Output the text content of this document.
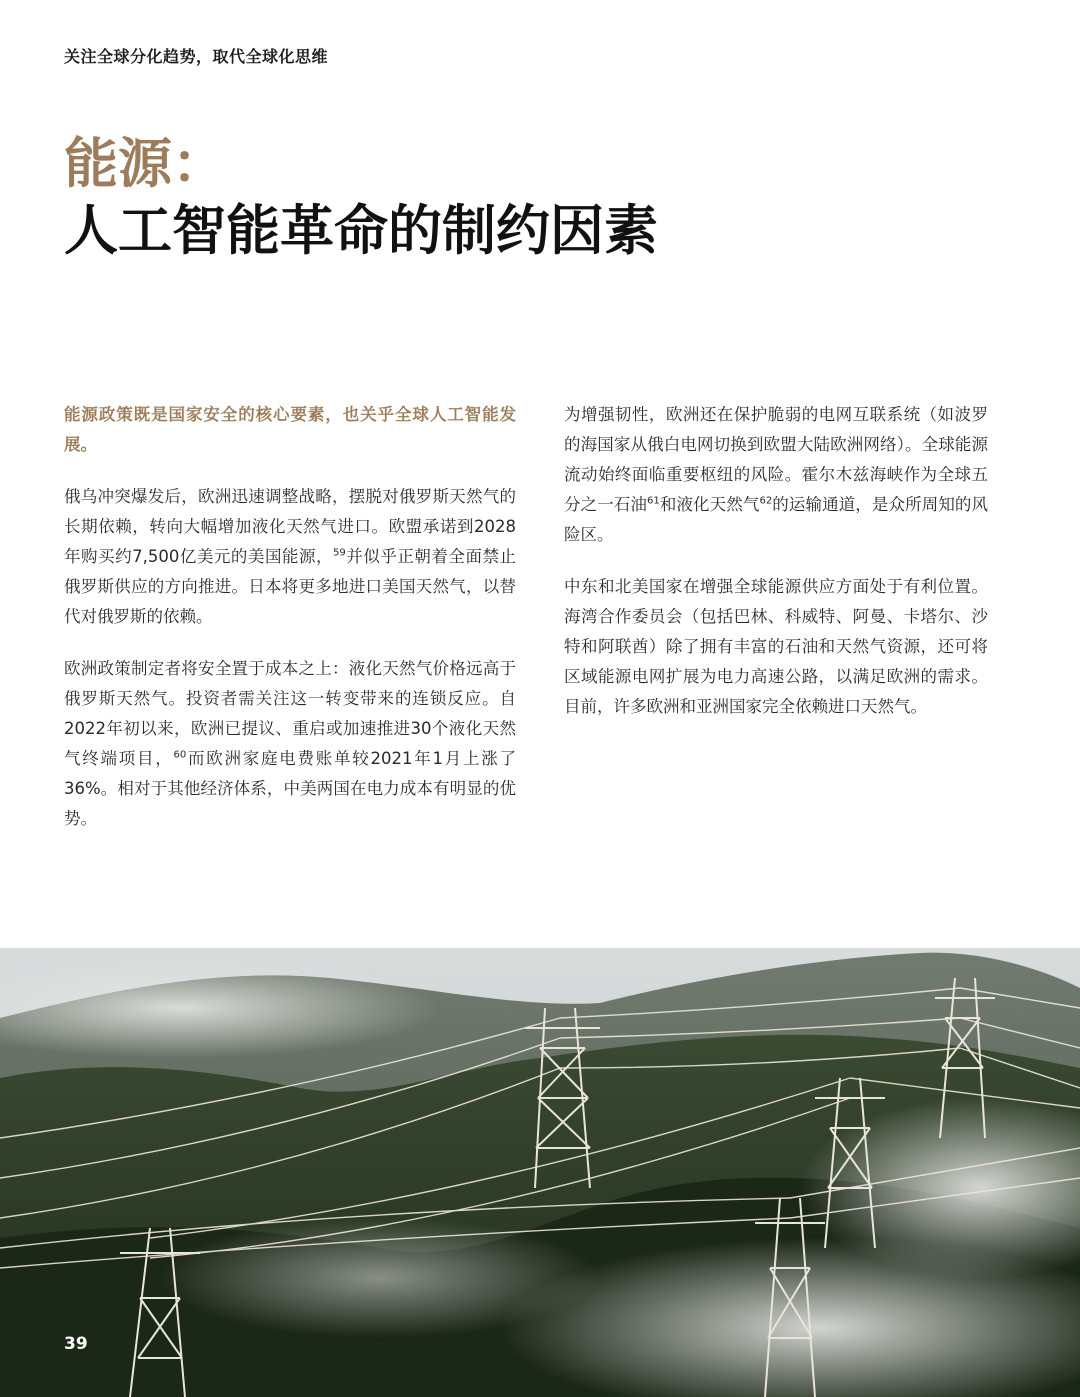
关注全球分化趋势，取代全球化思维
能源：
人工智能革命的制约因素

能源政策既是国家安全的核心要素，也关乎全球人工智能发展。

俄乌冲突爆发后，欧洲迅速调整战略，摆脱对俄罗斯天然气的长期依赖，转向大幅增加液化天然气进口。欧盟承诺到2028年购买约7,500亿美元的美国能源，$^{59}$并似乎正朝着全面禁止俄罗斯供应的方向推进。日本将更多地进口美国天然气，以替代对俄罗斯的依赖。

欧洲政策制定者将安全置于成本之上：液化天然气价格远高于俄罗斯天然气。投资者需关注这一转变带来的连锁反应。自2022年初以来，欧洲已提议、重启或加速推进30个液化天然气终端项目，$^{60}$而欧洲家庭电费账单较2021年1月上涨了36%。相对于其他经济体系，中美两国在电力成本有明显的优势。

为增强韧性，欧洲还在保护脆弱的电网互联系统（如波罗的海国家从俄白电网切换到欧盟大陆欧洲网络）。全球能源流动始终面临重要枢纽的风险。霍尔木兹海峡作为全球五分之一石油$^{61}$和液化天然气$^{62}$的运输通道，是众所周知的风险区。

中东和北美国家在增强全球能源供应方面处于有利位置。海湾合作委员会（包括巴林、科威特、阿曼、卡塔尔、沙特和阿联酋）除了拥有丰富的石油和天然气资源，还可将区域能源电网扩展为电力高速公路，以满足欧洲的需求。目前，许多欧洲和亚洲国家完全依赖进口天然气。

39
